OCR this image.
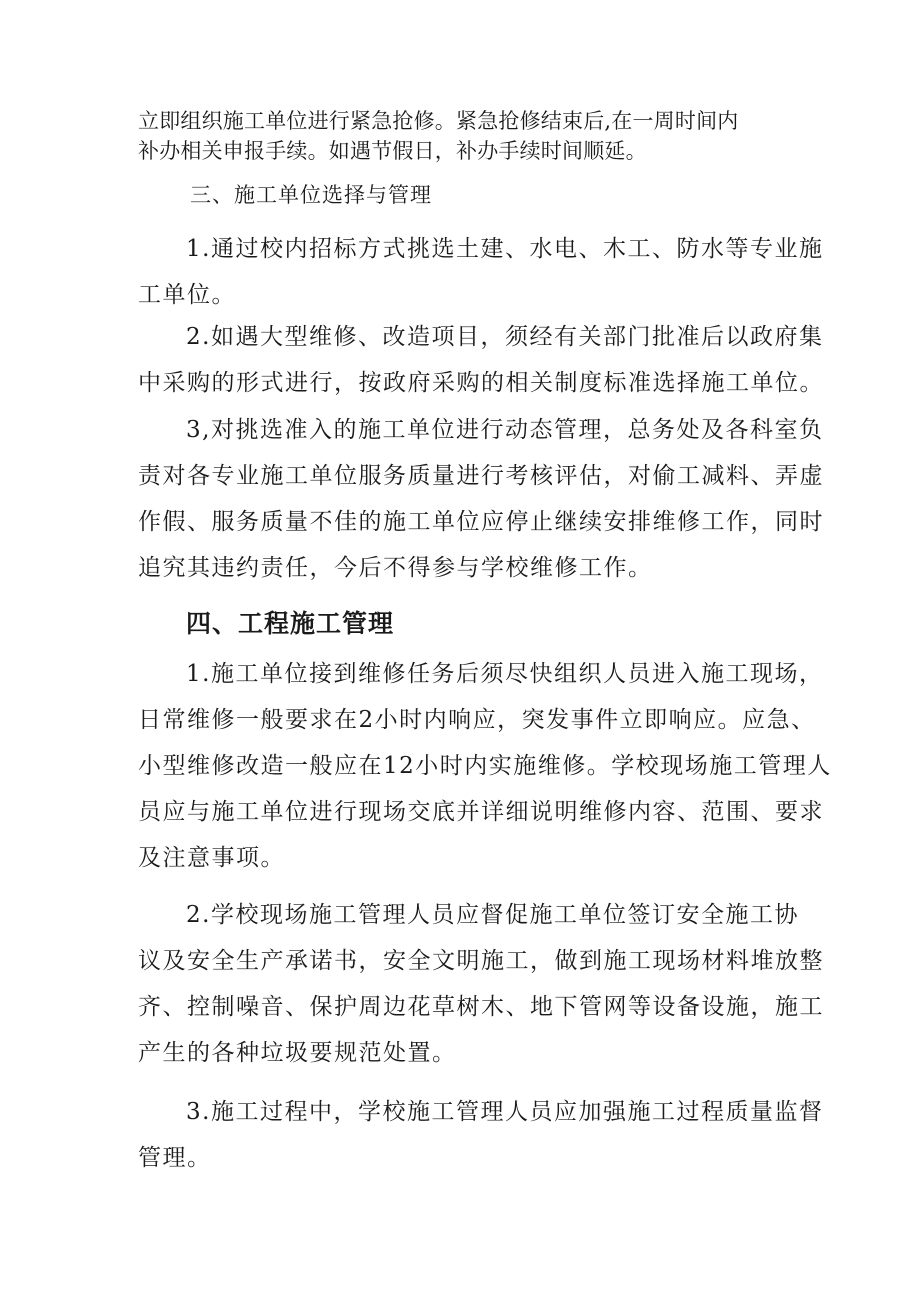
立即组织施工单位进行紧急抢修。紧急抢修结束后,在一周时间内
补办相关申报手续。如遇节假日，补办手续时间顺延。

三、施工单位选择与管理

1.通过校内招标方式挑选土建、水电、木工、防水等专业施
工单位。

2.如遇大型维修、改造项目，须经有关部门批准后以政府集
中采购的形式进行，按政府采购的相关制度标准选择施工单位。

3,对挑选准入的施工单位进行动态管理，总务处及各科室负
责对各专业施工单位服务质量进行考核评估，对偷工减料、弄虚
作假、服务质量不佳的施工单位应停止继续安排维修工作，同时
追究其违约责任，今后不得参与学校维修工作。

四、工程施工管理

1.施工单位接到维修任务后须尽快组织人员进入施工现场，
日常维修一般要求在2小时内响应，突发事件立即响应。应急、
小型维修改造一般应在12小时内实施维修。学校现场施工管理人
员应与施工单位进行现场交底并详细说明维修内容、范围、要求
及注意事项。

2.学校现场施工管理人员应督促施工单位签订安全施工协
议及安全生产承诺书，安全文明施工，做到施工现场材料堆放整
齐、控制噪音、保护周边花草树木、地下管网等设备设施，施工
产生的各种垃圾要规范处置。

3.施工过程中，学校施工管理人员应加强施工过程质量监督
管理。
